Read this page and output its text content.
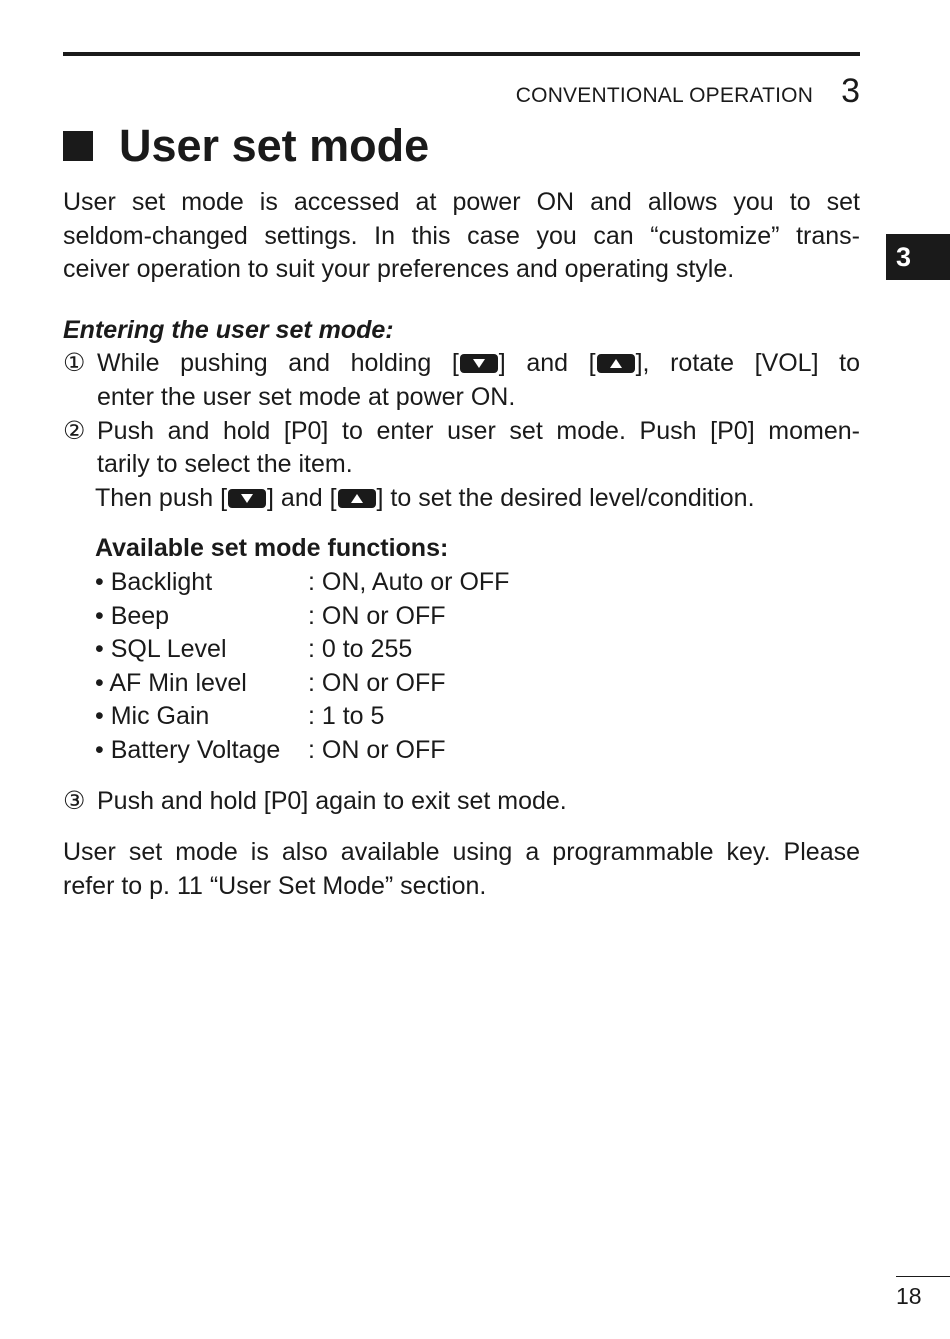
CONVENTIONAL OPERATION 3
User set mode
3

User set mode is accessed at power ON and allows you to set

seldom-changed settings. In this case you can “customize” trans-

ceiver operation to suit your preferences and operating style.

Entering the user set mode:

① While pushing and holding [ ] and [ ], rotate [VOL] to

enter the user set mode at power ON.

② Push and hold [P0] to enter user set mode. Push [P0] momen-

tarily to select the item.

Then push [ ] and [ ] to set the desired level/condition.

Available set mode functions:

• Backlight	: ON, Auto or OFF
• Beep	: ON or OFF
• SQL Level	: 0 to 255
• AF Min level	: ON or OFF
• Mic Gain	: 1 to 5
• Battery Voltage	: ON or OFF
③ Push and hold [P0] again to exit set mode.

User set mode is also available using a programmable key. Please

refer to p. 11 “User Set Mode” section.

18
